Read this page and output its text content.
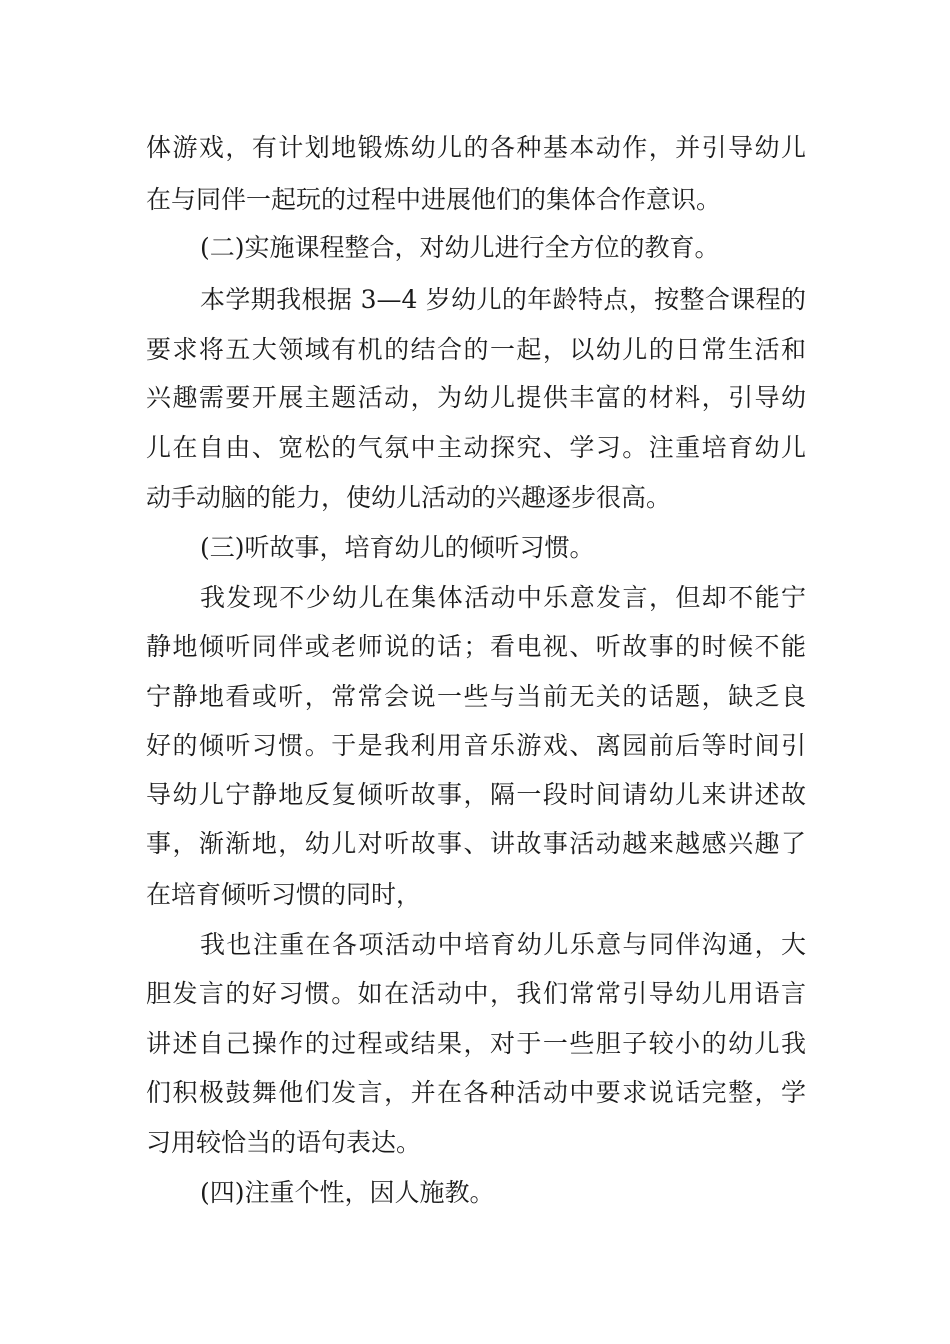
体游戏，有计划地锻炼幼儿的各种基本动作，并引导幼儿
在与同伴一起玩的过程中进展他们的集体合作意识。
(二)实施课程整合，对幼儿进行全方位的教育。
本学期我根据 3—4 岁幼儿的年龄特点，按整合课程的
要求将五大领域有机的结合的一起，以幼儿的日常生活和
兴趣需要开展主题活动，为幼儿提供丰富的材料，引导幼
儿在自由、宽松的气氛中主动探究、学习。注重培育幼儿
动手动脑的能力，使幼儿活动的兴趣逐步很高。
(三)听故事，培育幼儿的倾听习惯。
我发现不少幼儿在集体活动中乐意发言，但却不能宁
静地倾听同伴或老师说的话；看电视、听故事的时候不能
宁静地看或听，常常会说一些与当前无关的话题，缺乏良
好的倾听习惯。于是我利用音乐游戏、离园前后等时间引
导幼儿宁静地反复倾听故事，隔一段时间请幼儿来讲述故
事，渐渐地，幼儿对听故事、讲故事活动越来越感兴趣了
在培育倾听习惯的同时，
我也注重在各项活动中培育幼儿乐意与同伴沟通，大
胆发言的好习惯。如在活动中，我们常常引导幼儿用语言
讲述自己操作的过程或结果，对于一些胆子较小的幼儿我
们积极鼓舞他们发言，并在各种活动中要求说话完整，学
习用较恰当的语句表达。
(四)注重个性，因人施教。
